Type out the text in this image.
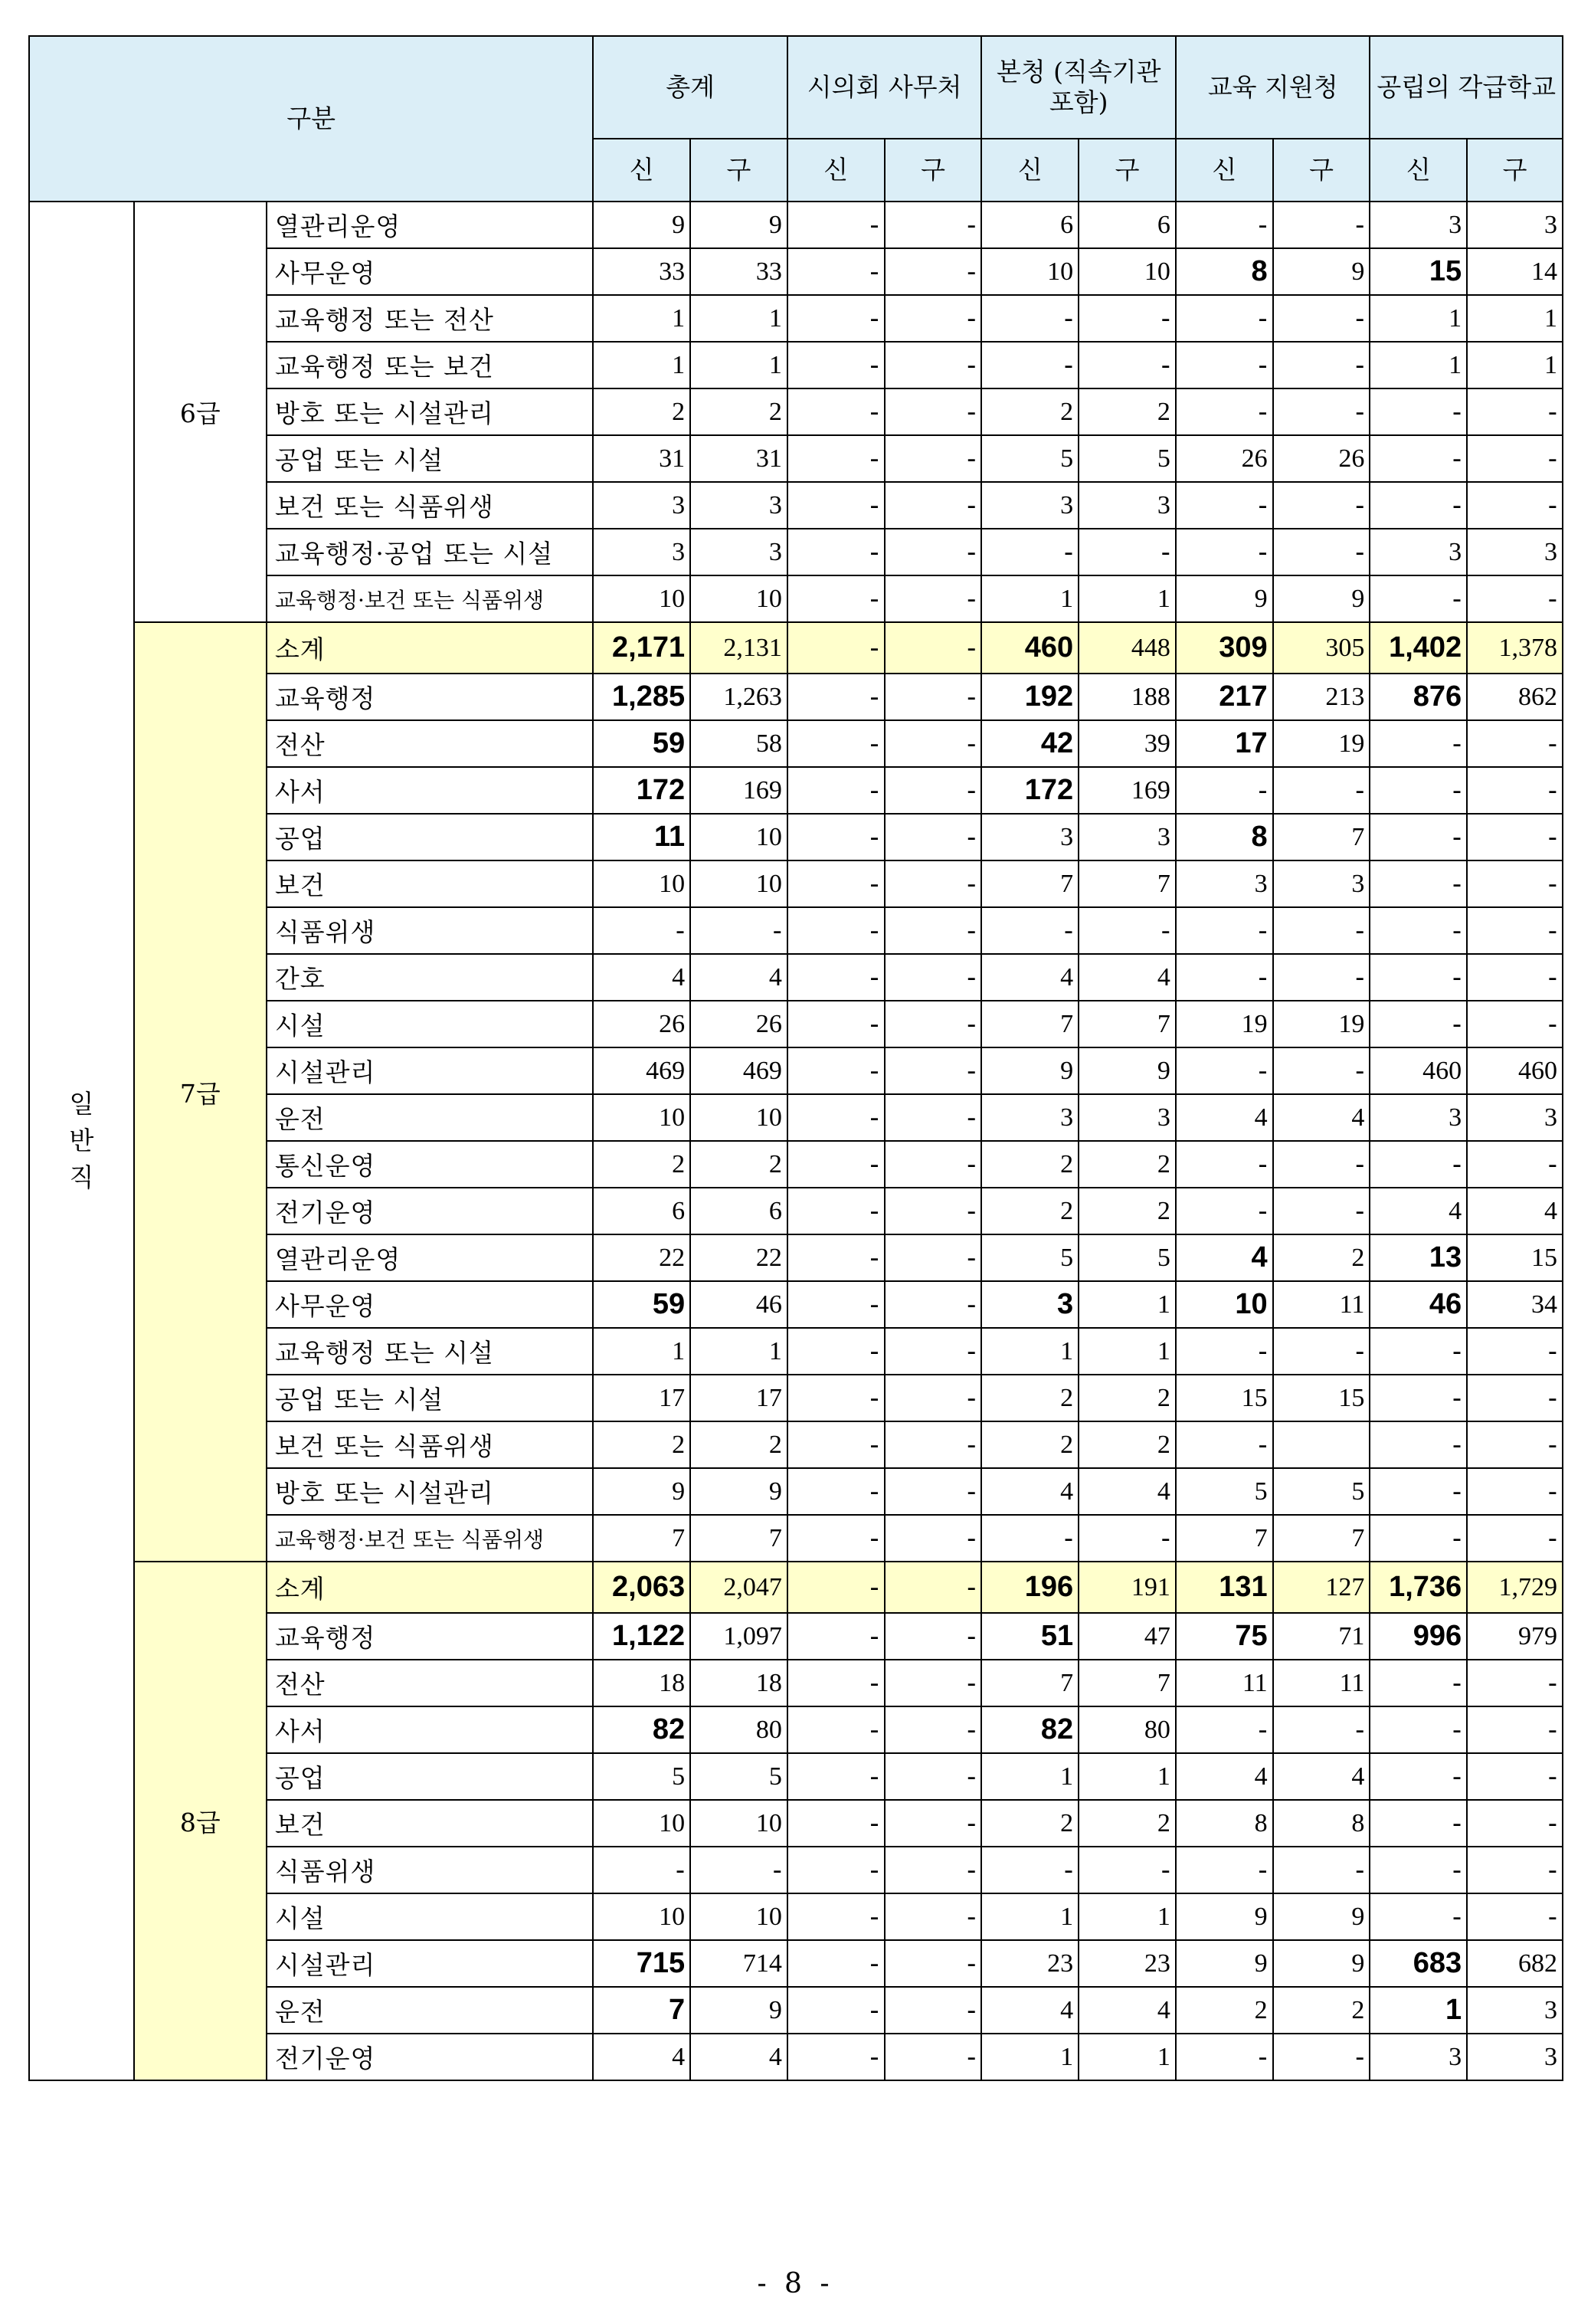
구분			총계		시의회 사무처		본청 (직속기관 포함)		교육 지원청		공립의 각급학교	
			신	구	신	구	신	구	신	구	신	구
일반직	6급	열관리운영	9	9	-	-	6	6	-	-	3	3
		사무운영	33	33	-	-	10	10	8	9	15	14
		교육행정 또는 전산	1	1	-	-	-	-	-	-	1	1
		교육행정 또는 보건	1	1	-	-	-	-	-	-	1	1
		방호 또는 시설관리	2	2	-	-	2	2	-	-	-	-
		공업 또는 시설	31	31	-	-	5	5	26	26	-	-
		보건 또는 식품위생	3	3	-	-	3	3	-	-	-	-
		교육행정·공업 또는 시설	3	3	-	-	-	-	-	-	3	3
		교육행정·보건 또는 식품위생	10	10	-	-	1	1	9	9	-	-
	7급	소계	2,171	2,131	-	-	460	448	309	305	1,402	1,378
		교육행정	1,285	1,263	-	-	192	188	217	213	876	862
		전산	59	58	-	-	42	39	17	19	-	-
		사서	172	169	-	-	172	169	-	-	-	-
		공업	11	10	-	-	3	3	8	7	-	-
		보건	10	10	-	-	7	7	3	3	-	-
		식품위생	-	-	-	-	-	-	-	-	-	-
		간호	4	4	-	-	4	4	-	-	-	-
		시설	26	26	-	-	7	7	19	19	-	-
		시설관리	469	469	-	-	9	9	-	-	460	460
		운전	10	10	-	-	3	3	4	4	3	3
		통신운영	2	2	-	-	2	2	-	-	-	-
		전기운영	6	6	-	-	2	2	-	-	4	4
		열관리운영	22	22	-	-	5	5	4	2	13	15
		사무운영	59	46	-	-	3	1	10	11	46	34
		교육행정 또는 시설	1	1	-	-	1	1	-	-	-	-
		공업 또는 시설	17	17	-	-	2	2	15	15	-	-
		보건 또는 식품위생	2	2	-	-	2	2	-		-	-
		방호 또는 시설관리	9	9	-	-	4	4	5	5	-	-
		교육행정·보건 또는 식품위생	7	7	-	-	-	-	7	7	-	-
	8급	소계	2,063	2,047	-	-	196	191	131	127	1,736	1,729
		교육행정	1,122	1,097	-	-	51	47	75	71	996	979
		전산	18	18	-	-	7	7	11	11	-	-
		사서	82	80	-	-	82	80	-	-	-	-
		공업	5	5	-	-	1	1	4	4	-	-
		보건	10	10	-	-	2	2	8	8	-	-
		식품위생	-	-	-	-	-	-	-	-	-	-
		시설	10	10	-	-	1	1	9	9	-	-
		시설관리	715	714	-	-	23	23	9	9	683	682
		운전	7	9	-	-	4	4	2	2	1	3
		전기운영	4	4	-	-	1	1	-	-	3	3
- 8 -
